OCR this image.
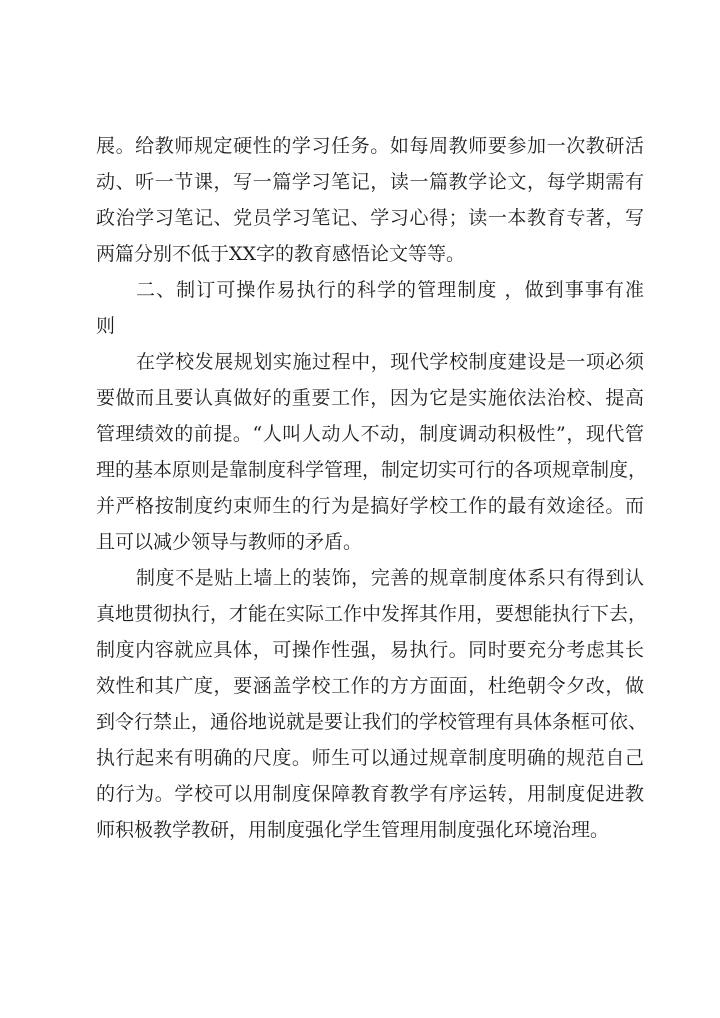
展。给教师规定硬性的学习任务。如每周教师要参加一次教研活
动、听一节课，写一篇学习笔记，读一篇教学论文，每学期需有
政治学习笔记、党员学习笔记、学习心得；读一本教育专著，写
两篇分别不低于XX字的教育感悟论文等等。
二、制订可操作易执行的科学的管理制度 ，做到事事有准
则
在学校发展规划实施过程中，现代学校制度建设是一项必须
要做而且要认真做好的重要工作，因为它是实施依法治校、提高
管理绩效的前提。“人叫人动人不动，制度调动积极性”，现代管
理的基本原则是靠制度科学管理，制定切实可行的各项规章制度，
并严格按制度约束师生的行为是搞好学校工作的最有效途径。而
且可以减少领导与教师的矛盾。
制度不是贴上墙上的装饰，完善的规章制度体系只有得到认
真地贯彻执行，才能在实际工作中发挥其作用，要想能执行下去，
制度内容就应具体，可操作性强，易执行。同时要充分考虑其长
效性和其广度，要涵盖学校工作的方方面面，杜绝朝令夕改，做
到令行禁止，通俗地说就是要让我们的学校管理有具体条框可依、
执行起来有明确的尺度。师生可以通过规章制度明确的规范自己
的行为。学校可以用制度保障教育教学有序运转，用制度促进教
师积极教学教研，用制度强化学生管理用制度强化环境治理。
